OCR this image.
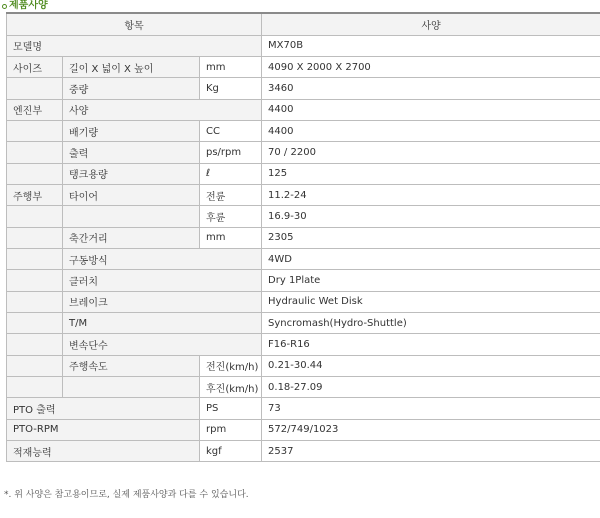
제품사양
항목			사양
모델명			MX70B
사이즈	길이 X 넓이 X 높이	mm	4090 X 2000 X 2700
	중량	Kg	3460
엔진부	사양		4400
	배기량	CC	4400
	출력	ps/rpm	70 / 2200
	탱크용량	ℓ	125
주행부	타이어	전륜	11.2-24
		후륜	16.9-30
	축간거리	mm	2305
	구동방식		4WD
	클러치		Dry 1Plate
	브레이크		Hydraulic Wet Disk
	T/M		Syncromash(Hydro-Shuttle)
	변속단수		F16-R16
	주행속도	전진(km/h)	0.21-30.44
		후진(km/h)	0.18-27.09
PTO 출력		PS	73
PTO-RPM		rpm	572/749/1023
적재능력		kgf	2537
*. 위 사양은 참고용이므로, 실제 제품사양과 다를 수 있습니다.
